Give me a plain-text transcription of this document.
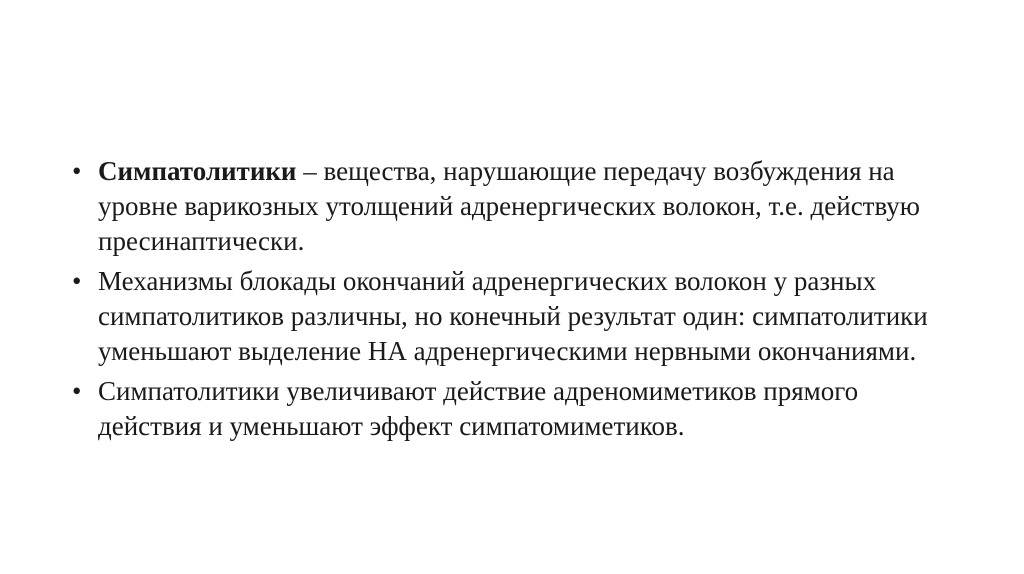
• Симпатолитики – вещества, нарушающие передачу возбуждения на уровне варикозных утолщений адренергических волокон, т.е. действую пресинаптически.
• Механизмы блокады окончаний адренергических волокон у разных симпатолитиков различны, но конечный результат один: симпатолитики уменьшают выделение НА адренергическими нервными окончаниями.
• Симпатолитики увеличивают действие адреномиметиков прямого действия и уменьшают эффект симпатомиметиков.
